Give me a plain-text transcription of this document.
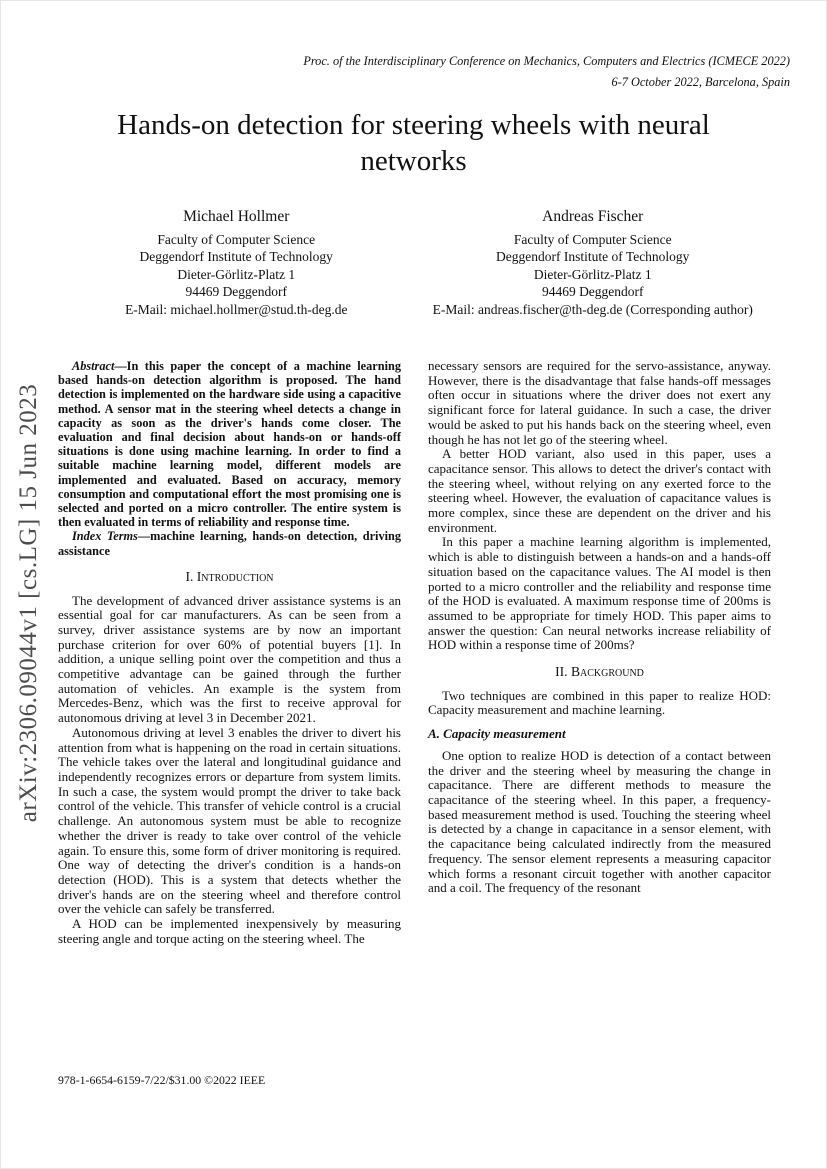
Proc. of the Interdisciplinary Conference on Mechanics, Computers and Electrics (ICMECE 2022)
6-7 October 2022, Barcelona, Spain
Hands-on detection for steering wheels with neural networks
Michael Hollmer
Faculty of Computer Science
Deggendorf Institute of Technology
Dieter-Görlitz-Platz 1
94469 Deggendorf
E-Mail: michael.hollmer@stud.th-deg.de
Andreas Fischer
Faculty of Computer Science
Deggendorf Institute of Technology
Dieter-Görlitz-Platz 1
94469 Deggendorf
E-Mail: andreas.fischer@th-deg.de (Corresponding author)
arXiv:2306.09044v1 [cs.LG] 15 Jun 2023

Abstract—In this paper the concept of a machine learning based hands-on detection algorithm is proposed. The hand detection is implemented on the hardware side using a capacitive method. A sensor mat in the steering wheel detects a change in capacity as soon as the driver's hands come closer. The evaluation and final decision about hands-on or hands-off situations is done using machine learning. In order to find a suitable machine learning model, different models are implemented and evaluated. Based on accuracy, memory consumption and computational effort the most promising one is selected and ported on a micro controller. The entire system is then evaluated in terms of reliability and response time.

Index Terms—machine learning, hands-on detection, driving assistance

I. Introduction

The development of advanced driver assistance systems is an essential goal for car manufacturers. As can be seen from a survey, driver assistance systems are by now an important purchase criterion for over 60% of potential buyers [1]. In addition, a unique selling point over the competition and thus a competitive advantage can be gained through the further automation of vehicles. An example is the system from Mercedes-Benz, which was the first to receive approval for autonomous driving at level 3 in December 2021.

Autonomous driving at level 3 enables the driver to divert his attention from what is happening on the road in certain situations. The vehicle takes over the lateral and longitudinal guidance and independently recognizes errors or departure from system limits. In such a case, the system would prompt the driver to take back control of the vehicle. This transfer of vehicle control is a crucial challenge. An autonomous system must be able to recognize whether the driver is ready to take over control of the vehicle again. To ensure this, some form of driver monitoring is required. One way of detecting the driver's condition is a hands-on detection (HOD). This is a system that detects whether the driver's hands are on the steering wheel and therefore control over the vehicle can safely be transferred.

A HOD can be implemented inexpensively by measuring steering angle and torque acting on the steering wheel. The

necessary sensors are required for the servo-assistance, anyway. However, there is the disadvantage that false hands-off messages often occur in situations where the driver does not exert any significant force for lateral guidance. In such a case, the driver would be asked to put his hands back on the steering wheel, even though he has not let go of the steering wheel.

A better HOD variant, also used in this paper, uses a capacitance sensor. This allows to detect the driver's contact with the steering wheel, without relying on any exerted force to the steering wheel. However, the evaluation of capacitance values is more complex, since these are dependent on the driver and his environment.

In this paper a machine learning algorithm is implemented, which is able to distinguish between a hands-on and a hands-off situation based on the capacitance values. The AI model is then ported to a micro controller and the reliability and response time of the HOD is evaluated. A maximum response time of 200ms is assumed to be appropriate for timely HOD. This paper aims to answer the question: Can neural networks increase reliability of HOD within a response time of 200ms?

II. Background

Two techniques are combined in this paper to realize HOD: Capacity measurement and machine learning.

A. Capacity measurement

One option to realize HOD is detection of a contact between the driver and the steering wheel by measuring the change in capacitance. There are different methods to measure the capacitance of the steering wheel. In this paper, a frequency-based measurement method is used. Touching the steering wheel is detected by a change in capacitance in a sensor element, with the capacitance being calculated indirectly from the measured frequency. The sensor element represents a measuring capacitor which forms a resonant circuit together with another capacitor and a coil. The frequency of the resonant

978-1-6654-6159-7/22/$31.00 ©2022 IEEE
